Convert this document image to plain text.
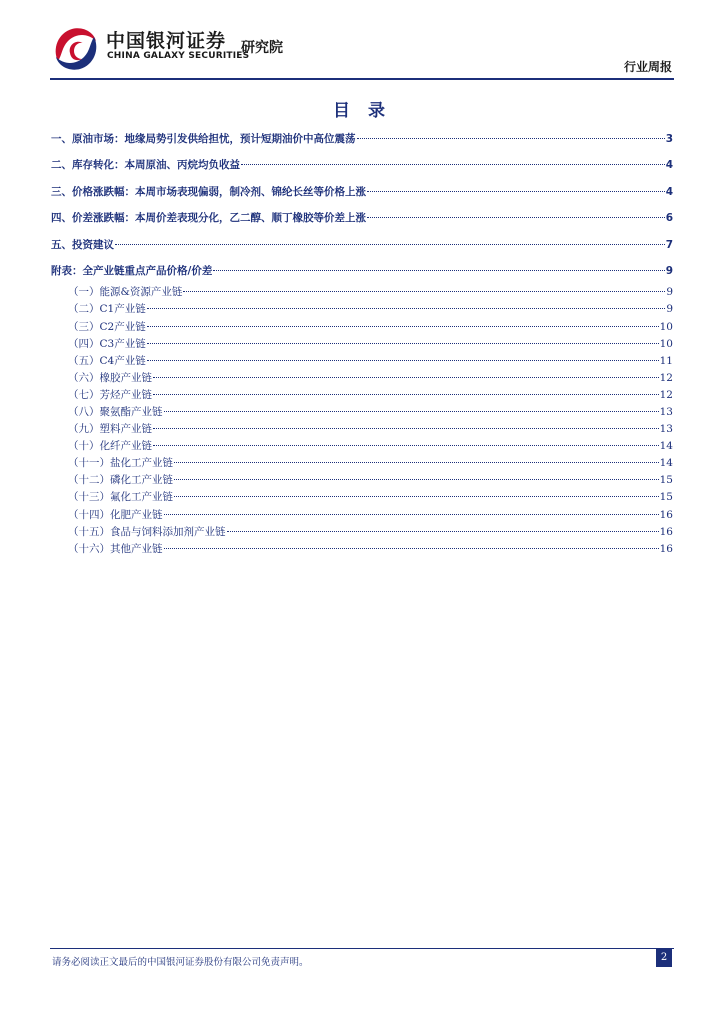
中国银河证券
CHINA GALAXY SECURITIES
研究院
行业周报
目 录
一、原油市场：地缘局势引发供给担忧，预计短期油价中高位震荡	3
二、库存转化：本周原油、丙烷均负收益	4
三、价格涨跌幅：本周市场表现偏弱，制冷剂、锦纶长丝等价格上涨	4
四、价差涨跌幅：本周价差表现分化，乙二醇、顺丁橡胶等价差上涨	6
五、投资建议	7
附表：全产业链重点产品价格/价差	9
（一）能源&资源产业链	9
（二）C1产业链	9
（三）C2产业链	10
（四）C3产业链	10
（五）C4产业链	11
（六）橡胶产业链	12
（七）芳烃产业链	12
（八）聚氨酯产业链	13
（九）塑料产业链	13
（十）化纤产业链	14
（十一）盐化工产业链	14
（十二）磷化工产业链	15
（十三）氟化工产业链	15
（十四）化肥产业链	16
（十五）食品与饲料添加剂产业链	16
（十六）其他产业链	16
请务必阅读正文最后的中国银河证券股份有限公司免责声明。	2
